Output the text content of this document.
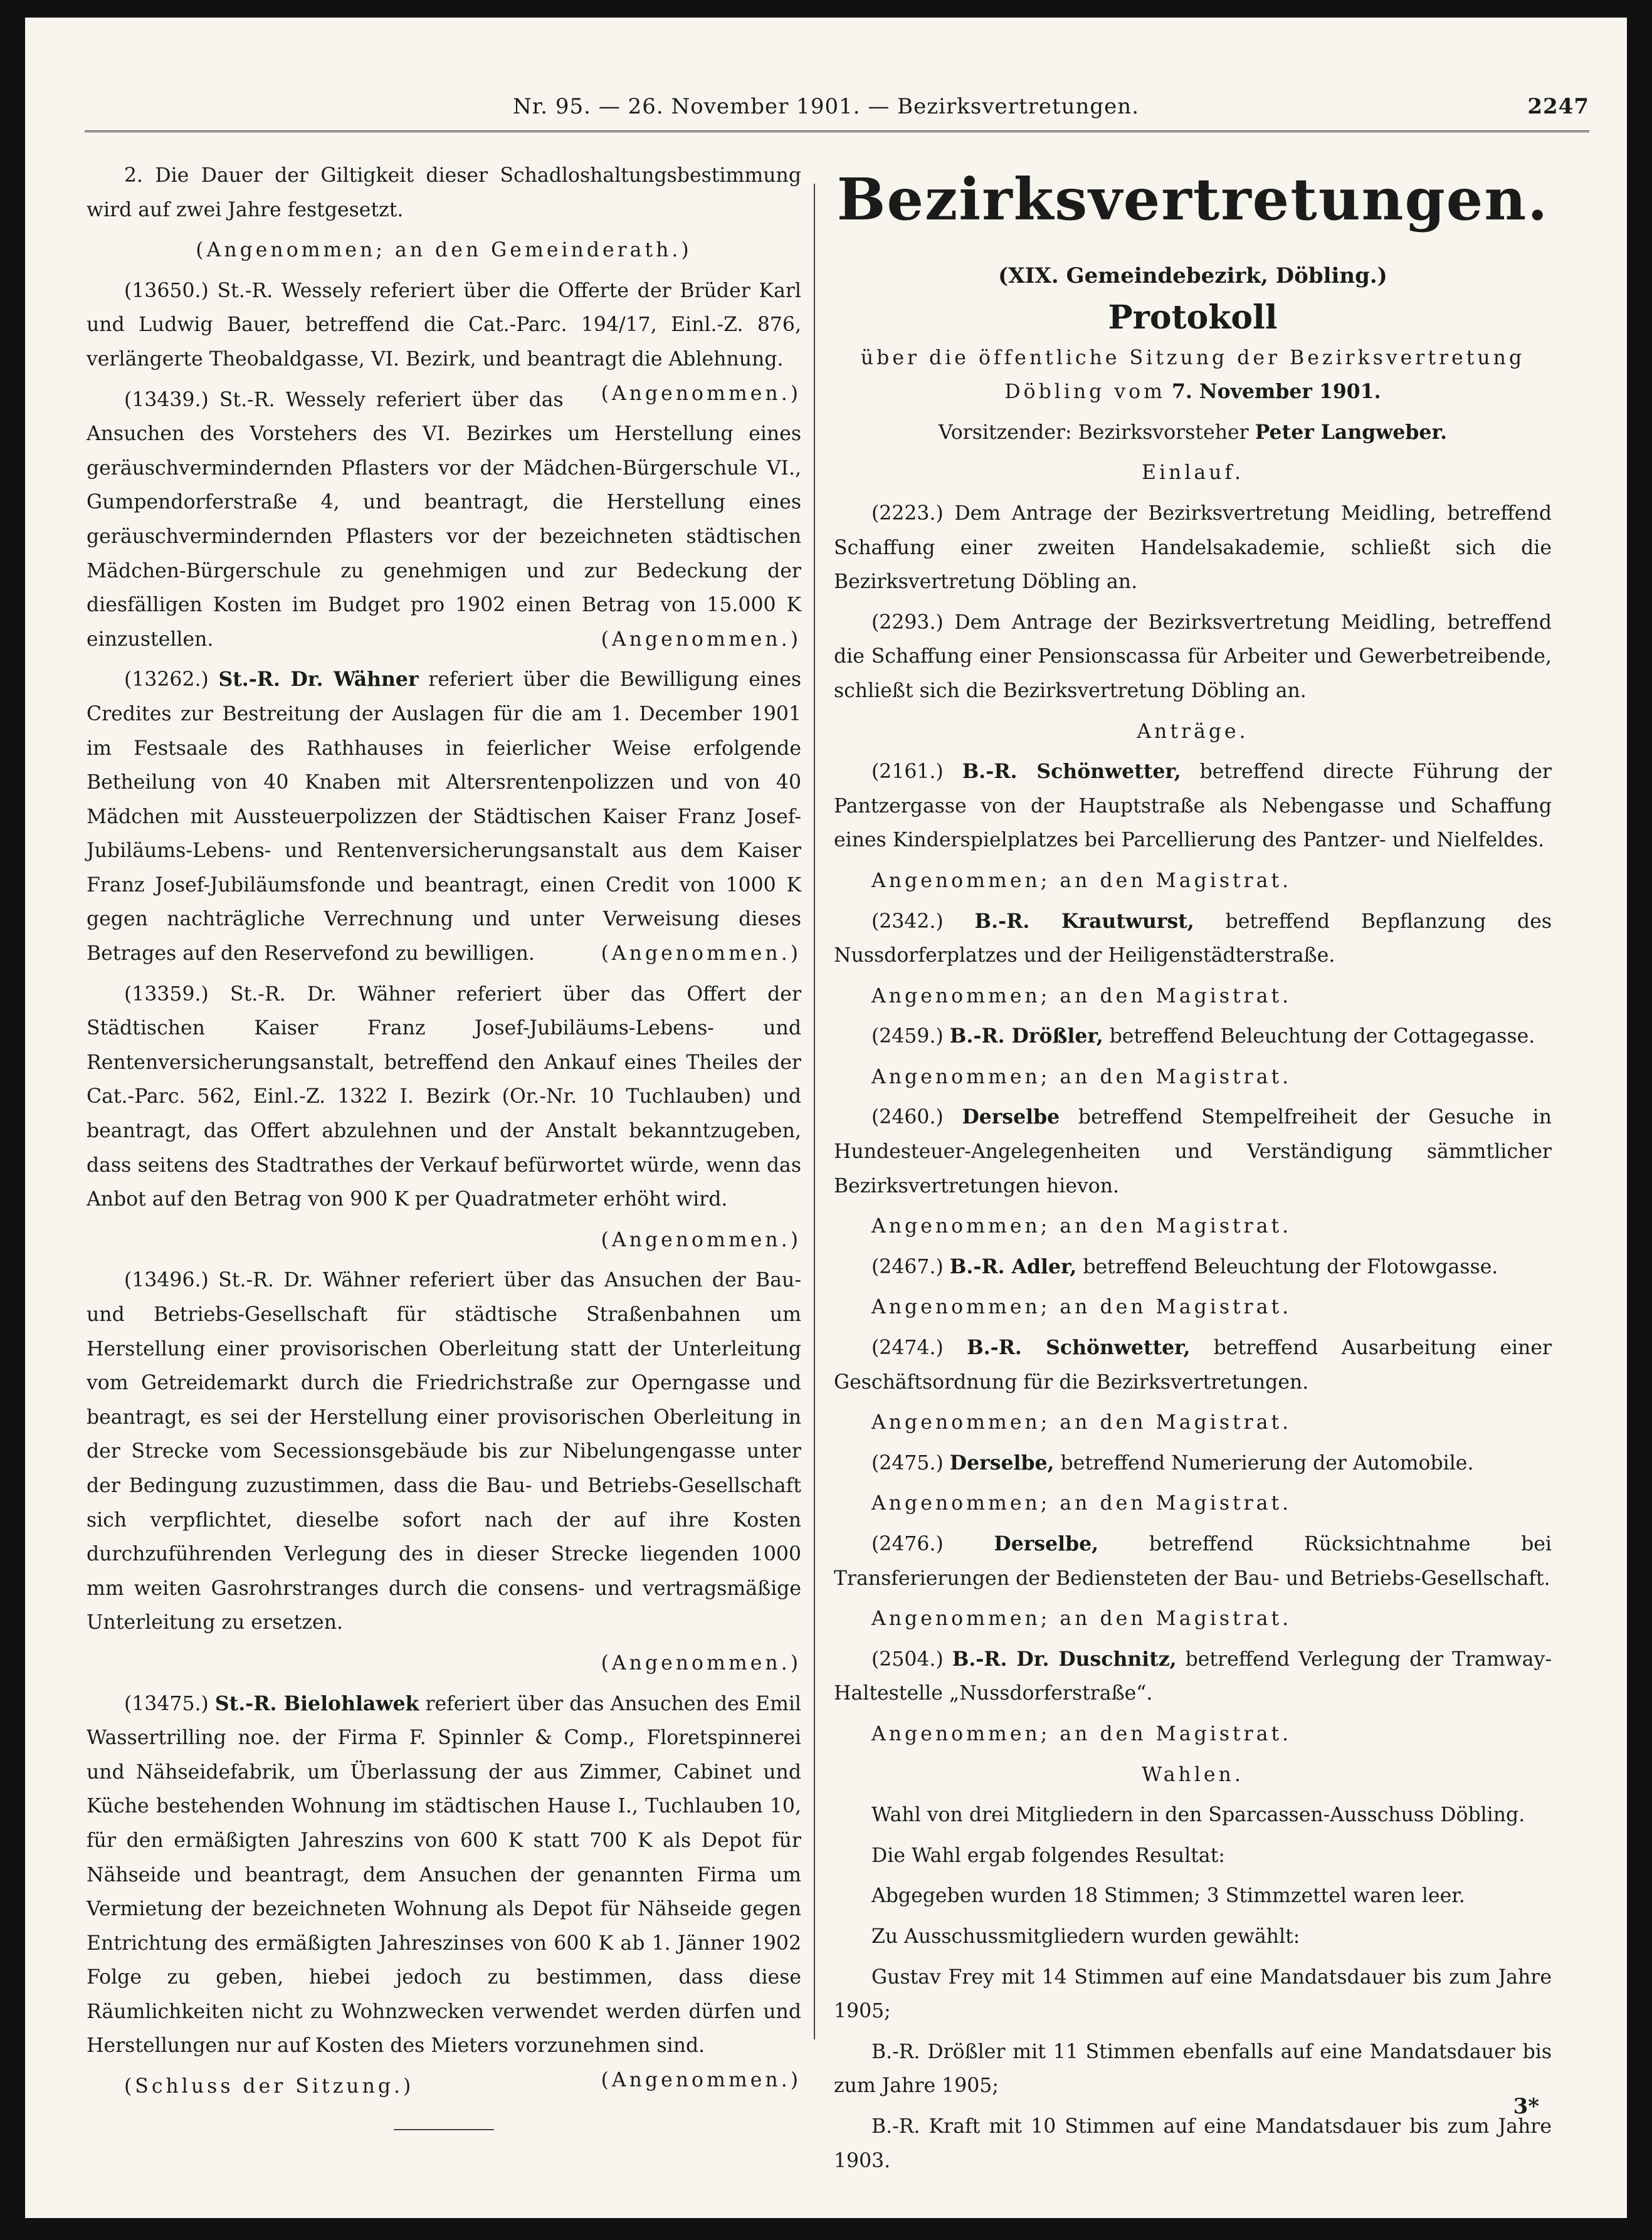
Nr. 95. — 26. November 1901. — Bezirksvertretungen.	2247

2. Die Dauer der Giltigkeit dieser Schadloshaltungsbestimmung wird auf zwei Jahre festgesetzt.

(Angenommen; an den Gemeinderath.)

(13650.) St.-R. Wessely referiert über die Offerte der Brüder Karl und Ludwig Bauer, betreffend die Cat.-Parc. 194/17, Einl.-Z. 876, verlängerte Theobaldgasse, VI. Bezirk, und beantragt die Ablehnung.
(Angenommen.)

(13439.) St.-R. Wessely referiert über das Ansuchen des Vorstehers des VI. Bezirkes um Herstellung eines geräuschvermindernden Pflasters vor der Mädchen-Bürgerschule VI., Gumpendorferstraße 4, und beantragt, die Herstellung eines geräuschvermindernden Pflasters vor der bezeichneten städtischen Mädchen-Bürgerschule zu genehmigen und zur Bedeckung der diesfälligen Kosten im Budget pro 1902 einen Betrag von 15.000 K einzustellen.	(Angenommen.)

(13262.) St.-R. Dr. Wähner referiert über die Bewilligung eines Credites zur Bestreitung der Auslagen für die am 1. December 1901 im Festsaale des Rathhauses in feierlicher Weise erfolgende Betheilung von 40 Knaben mit Altersrentenpolizzen und von 40 Mädchen mit Aussteuerpolizzen der Städtischen Kaiser Franz Josef-Jubiläums-Lebens- und Rentenversicherungsanstalt aus dem Kaiser Franz Josef-Jubiläumsfonde und beantragt, einen Credit von 1000 K gegen nachträgliche Verrechnung und unter Verweisung dieses Betrages auf den Reservefond zu bewilligen.	(Angenommen.)

(13359.) St.-R. Dr. Wähner referiert über das Offert der Städtischen Kaiser Franz Josef-Jubiläums-Lebens- und Rentenversicherungsanstalt, betreffend den Ankauf eines Theiles der Cat.-Parc. 562, Einl.-Z. 1322 I. Bezirk (Or.-Nr. 10 Tuchlauben) und beantragt, das Offert abzulehnen und der Anstalt bekanntzugeben, dass seitens des Stadtrathes der Verkauf befürwortet würde, wenn das Anbot auf den Betrag von 900 K per Quadratmeter erhöht wird.

(Angenommen.)

(13496.) St.-R. Dr. Wähner referiert über das Ansuchen der Bau- und Betriebs-Gesellschaft für städtische Straßenbahnen um Herstellung einer provisorischen Oberleitung statt der Unterleitung vom Getreidemarkt durch die Friedrichstraße zur Operngasse und beantragt, es sei der Herstellung einer provisorischen Oberleitung in der Strecke vom Secessionsgebäude bis zur Nibelungengasse unter der Bedingung zuzustimmen, dass die Bau- und Betriebs-Gesellschaft sich verpflichtet, dieselbe sofort nach der auf ihre Kosten durchzuführenden Verlegung des in dieser Strecke liegenden 1000 mm weiten Gasrohrstranges durch die consens- und vertragsmäßige Unterleitung zu ersetzen.

(Angenommen.)

(13475.) St.-R. Bielohlawek referiert über das Ansuchen des Emil Wassertrilling noe. der Firma F. Spinnler & Comp., Floretspinnerei und Nähseidefabrik, um Überlassung der aus Zimmer, Cabinet und Küche bestehenden Wohnung im städtischen Hause I., Tuchlauben 10, für den ermäßigten Jahreszins von 600 K statt 700 K als Depot für Nähseide und beantragt, dem Ansuchen der genannten Firma um Vermietung der bezeichneten Wohnung als Depot für Nähseide gegen Entrichtung des ermäßigten Jahreszinses von 600 K ab 1. Jänner 1902 Folge zu geben, hiebei jedoch zu bestimmen, dass diese Räumlichkeiten nicht zu Wohnzwecken verwendet werden dürfen und Herstellungen nur auf Kosten des Mieters vorzunehmen sind.
(Angenommen.)

(Schluss der Sitzung.)

Bezirksvertretungen.
(XIX. Gemeindebezirk, Döbling.)
Protokoll

über die öffentliche Sitzung der Bezirksvertretung Döbling vom 7. November 1901.

Vorsitzender: Bezirksvorsteher Peter Langweber.

Einlauf.

(2223.) Dem Antrage der Bezirksvertretung Meidling, betreffend Schaffung einer zweiten Handelsakademie, schließt sich die Bezirksvertretung Döbling an.

(2293.) Dem Antrage der Bezirksvertretung Meidling, betreffend die Schaffung einer Pensionscassa für Arbeiter und Gewerbetreibende, schließt sich die Bezirksvertretung Döbling an.

Anträge.

(2161.) B.-R. Schönwetter, betreffend directe Führung der Pantzergasse von der Hauptstraße als Nebengasse und Schaffung eines Kinderspielplatzes bei Parcellierung des Pantzer- und Nielfeldes.

Angenommen; an den Magistrat.

(2342.) B.-R. Krautwurst, betreffend Bepflanzung des Nussdorferplatzes und der Heiligenstädterstraße.

Angenommen; an den Magistrat.

(2459.) B.-R. Drößler, betreffend Beleuchtung der Cottagegasse.

Angenommen; an den Magistrat.

(2460.) Derselbe betreffend Stempelfreiheit der Gesuche in Hundesteuer-Angelegenheiten und Verständigung sämmtlicher Bezirksvertretungen hievon.

Angenommen; an den Magistrat.

(2467.) B.-R. Adler, betreffend Beleuchtung der Flotowgasse.

Angenommen; an den Magistrat.

(2474.) B.-R. Schönwetter, betreffend Ausarbeitung einer Geschäftsordnung für die Bezirksvertretungen.

Angenommen; an den Magistrat.

(2475.) Derselbe, betreffend Numerierung der Automobile.

Angenommen; an den Magistrat.

(2476.)	Derselbe,	betreffend Rücksichtnahme bei Transferierungen der Bediensteten der Bau- und Betriebs-Gesellschaft.

Angenommen; an den Magistrat.

(2504.) B.-R. Dr. Duschnitz, betreffend Verlegung der Tramway-Haltestelle „Nussdorferstraße“.

Angenommen; an den Magistrat.

Wahlen.

Wahl von drei Mitgliedern in den Sparcassen-Ausschuss Döbling.

Die Wahl ergab folgendes Resultat:

Abgegeben wurden 18 Stimmen; 3 Stimmzettel waren leer.

Zu Ausschussmitgliedern wurden gewählt:

Gustav Frey mit 14 Stimmen auf eine Mandatsdauer bis zum Jahre 1905;

B.-R. Drößler mit 11 Stimmen ebenfalls auf eine Mandatsdauer bis zum Jahre 1905;

B.-R. Kraft mit 10 Stimmen auf eine Mandatsdauer bis zum Jahre 1903.

3*
